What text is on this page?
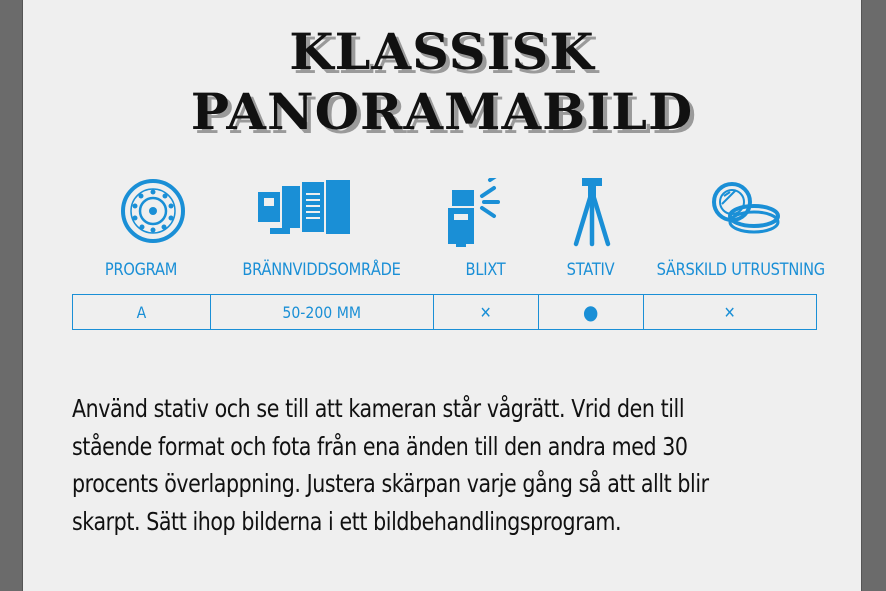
KLASSISK
PANORAMABILD
PROGRAM	BRÄNNVIDDSOMRÅDE	BLIXT	STATIV	SÄRSKILD UTRUSTNING
A	50-200 MM	✕	●	✕
Använd stativ och se till att kameran står vågrätt. Vrid den till
stående format och fota från ena änden till den andra med 30
procents överlappning. Justera skärpan varje gång så att allt blir
skarpt. Sätt ihop bilderna i ett bildbehandlingsprogram.
